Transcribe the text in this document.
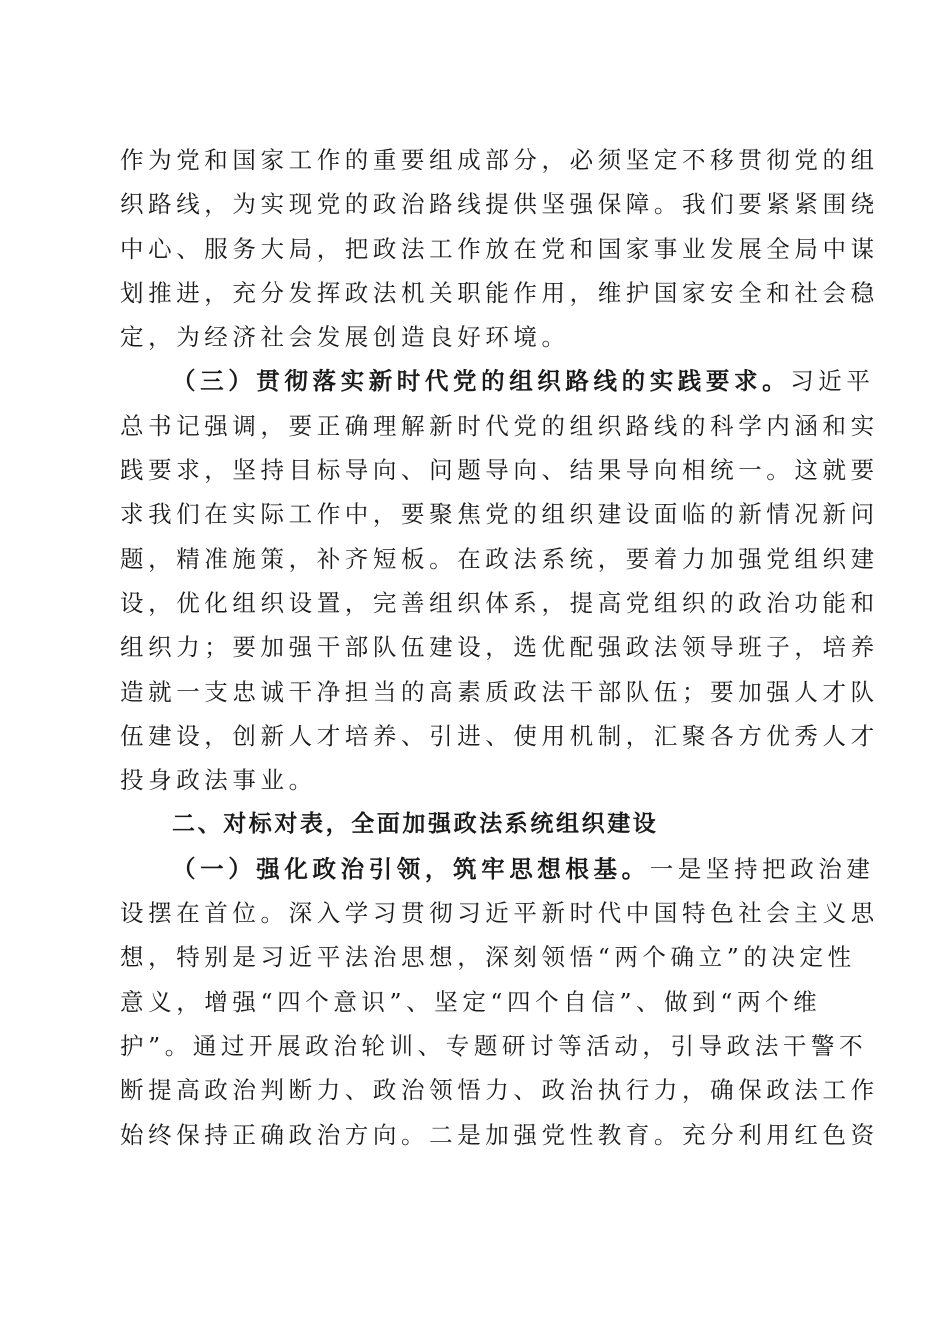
作为党和国家工作的重要组成部分，必须坚定不移贯彻党的组
织路线，为实现党的政治路线提供坚强保障。我们要紧紧围绕
中心、服务大局，把政法工作放在党和国家事业发展全局中谋
划推进，充分发挥政法机关职能作用，维护国家安全和社会稳
定，为经济社会发展创造良好环境。
（三）贯彻落实新时代党的组织路线的实践要求。习近平
总书记强调，要正确理解新时代党的组织路线的科学内涵和实
践要求，坚持目标导向、问题导向、结果导向相统一。这就要
求我们在实际工作中，要聚焦党的组织建设面临的新情况新问
题，精准施策，补齐短板。在政法系统，要着力加强党组织建
设，优化组织设置，完善组织体系，提高党组织的政治功能和
组织力；要加强干部队伍建设，选优配强政法领导班子，培养
造就一支忠诚干净担当的高素质政法干部队伍；要加强人才队
伍建设，创新人才培养、引进、使用机制，汇聚各方优秀人才
投身政法事业。
二、对标对表，全面加强政法系统组织建设
（一）强化政治引领，筑牢思想根基。一是坚持把政治建
设摆在首位。深入学习贯彻习近平新时代中国特色社会主义思
想，特别是习近平法治思想，深刻领悟“两个确立”的决定性
意义，增强“四个意识”、坚定“四个自信”、做到“两个维
护”。通过开展政治轮训、专题研讨等活动，引导政法干警不
断提高政治判断力、政治领悟力、政治执行力，确保政法工作
始终保持正确政治方向。二是加强党性教育。充分利用红色资
